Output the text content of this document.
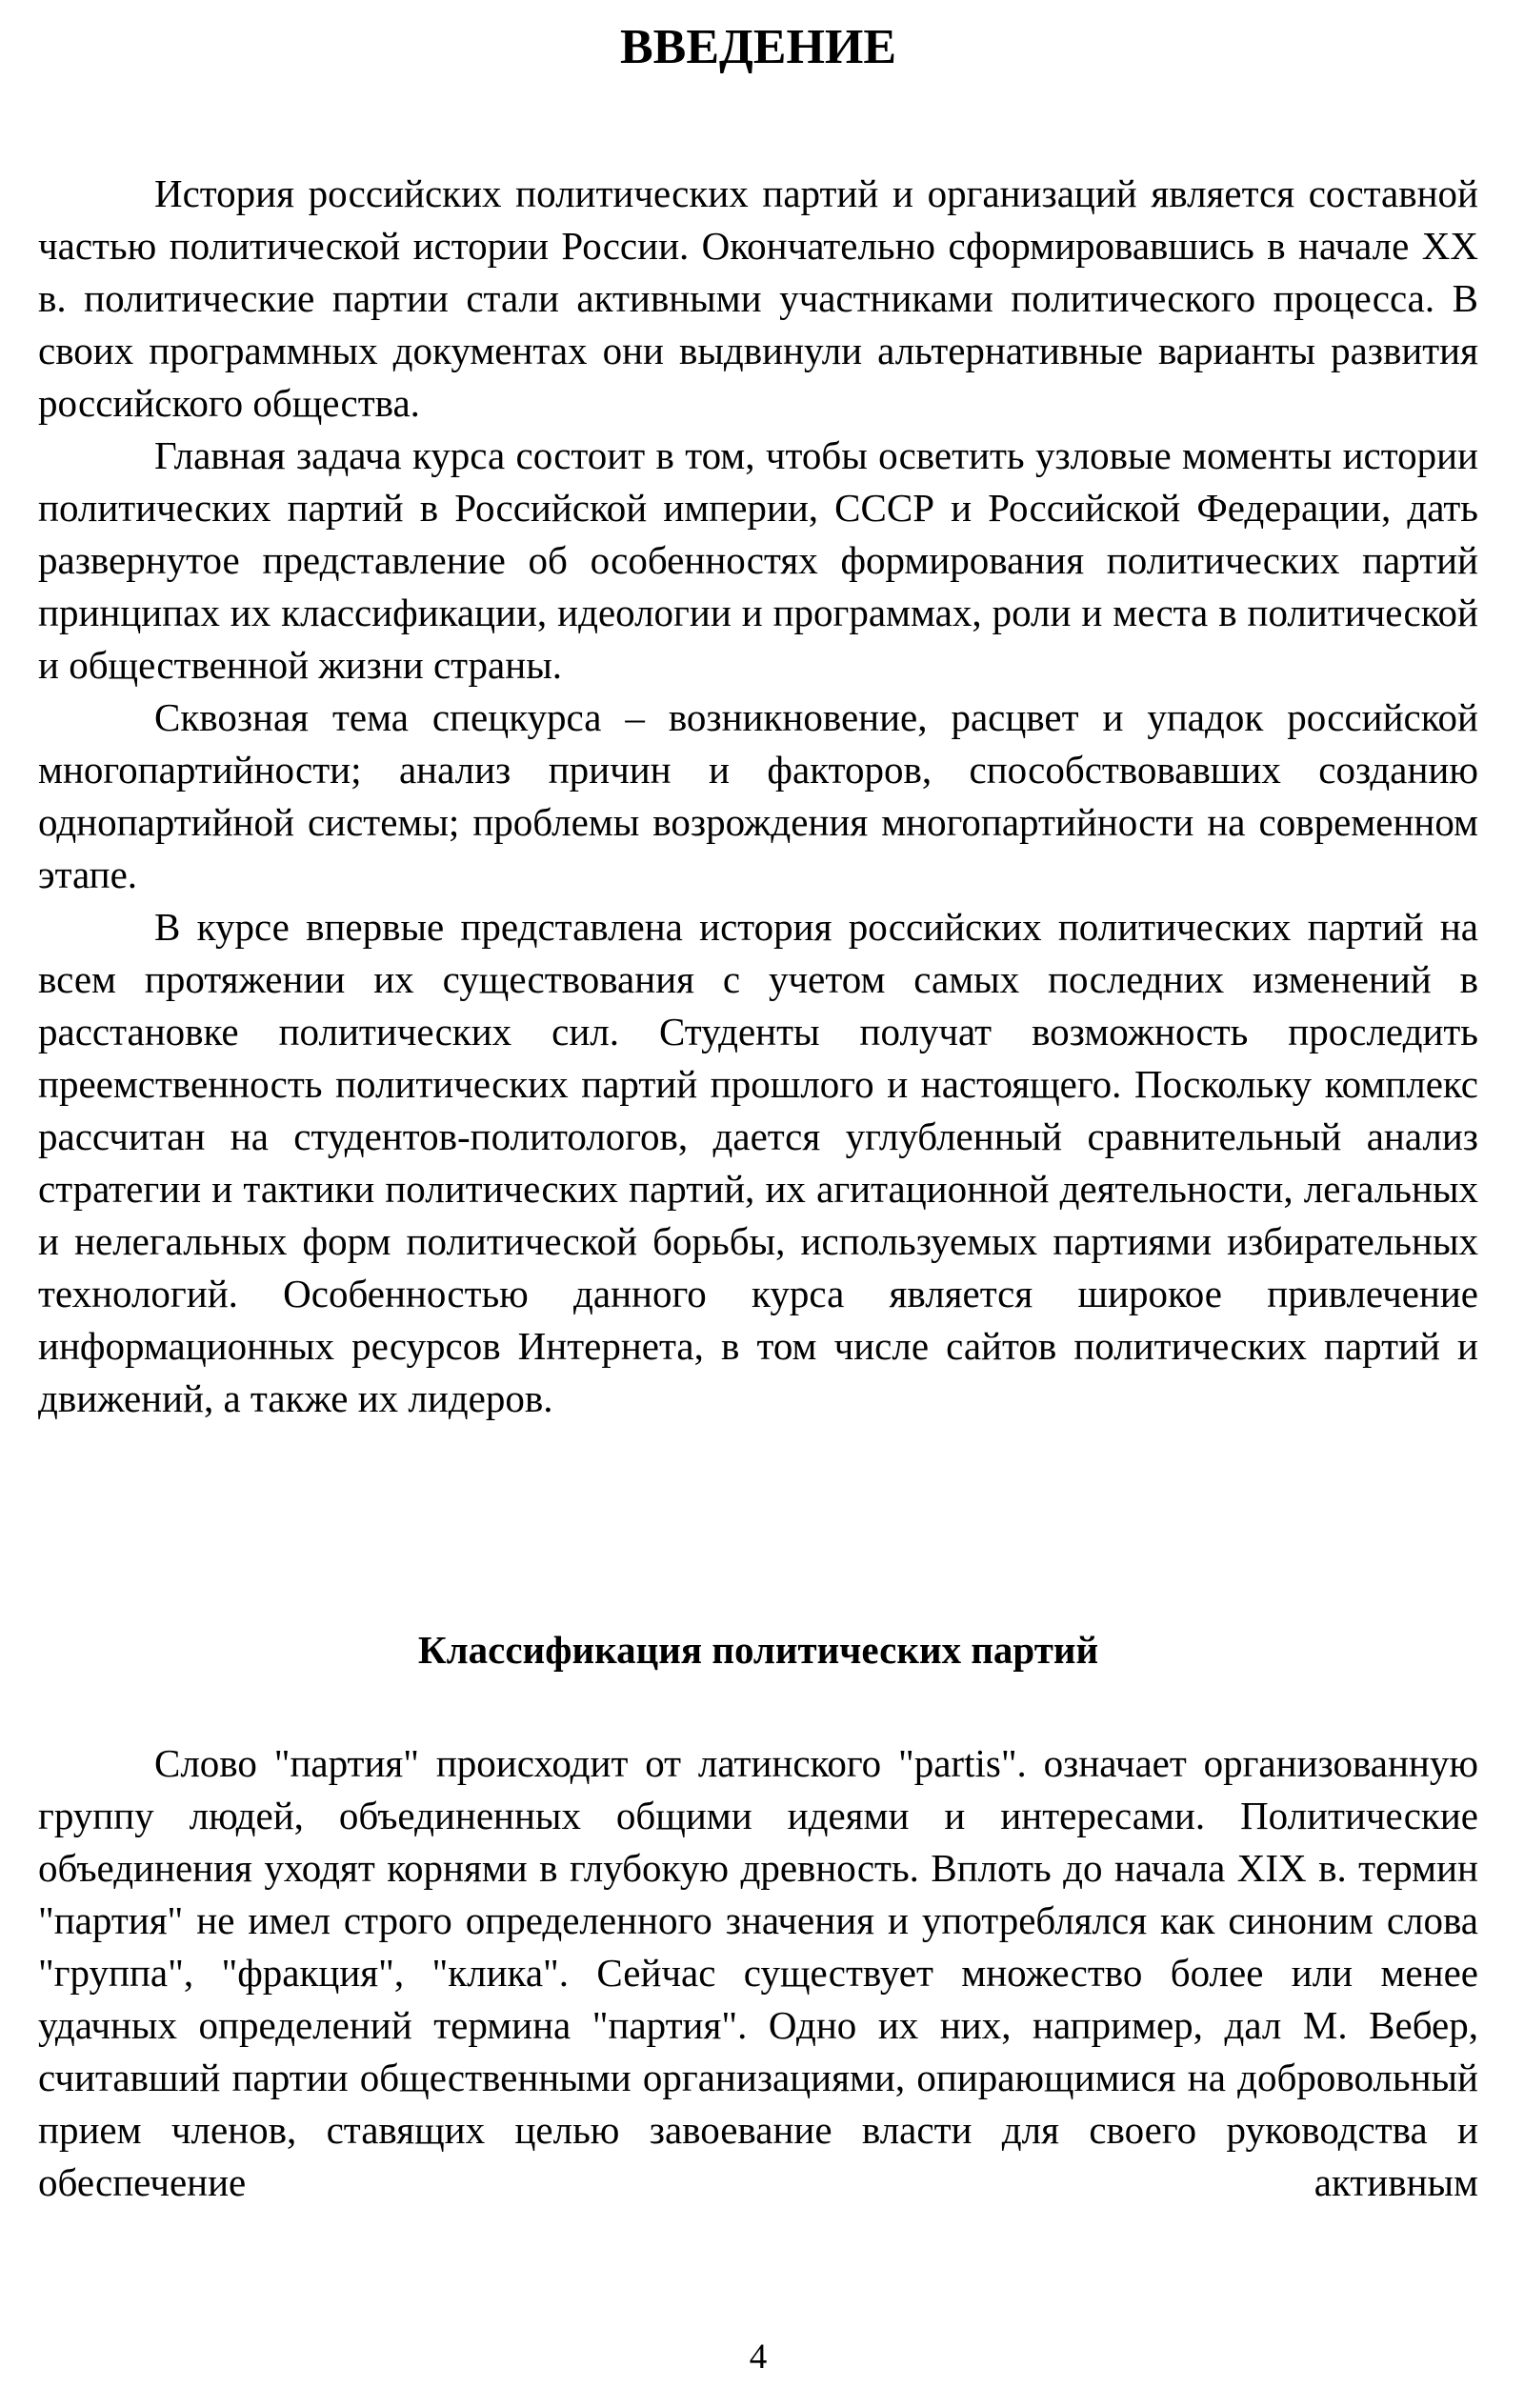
ВВЕДЕНИЕ

История российских политических партий и организаций является составной частью политической истории России. Окончательно сформировавшись в начале XX в. политические партии стали активными участниками политического процесса. В своих программных документах они выдвинули альтернативные варианты развития российского общества.

Главная задача курса состоит в том, чтобы осветить узловые моменты истории политических партий в Российской империи, СССР и Российской Федерации, дать развернутое представление об особенностях формирования политических партий принципах их классификации, идеологии и программах, роли и места в политической и общественной жизни страны.

Сквозная тема спецкурса – возникновение, расцвет и упадок российской многопартийности; анализ причин и факторов, способствовавших созданию однопартийной системы; проблемы возрождения многопартийности на современном этапе.

В курсе впервые представлена история российских политических партий на всем протяжении их существования с учетом самых последних изменений в расстановке политических сил. Студенты получат возможность проследить преемственность политических партий прошлого и настоящего. Поскольку комплекс рассчитан на студентов-политологов, дается углубленный сравнительный анализ стратегии и тактики политических партий, их агитационной деятельности, легальных и нелегальных форм политической борьбы, используемых партиями избирательных технологий. Особенностью данного курса является широкое привлечение информационных ресурсов Интернета, в том числе сайтов политических партий и движений, а также их лидеров.

Классификация политических партий

Слово "партия" происходит от латинского "partis". означает организованную группу людей, объединенных общими идеями и интересами. Политические объединения уходят корнями в глубокую древность. Вплоть до начала XIX в. термин "партия" не имел строго определенного значения и употреблялся как синоним слова "группа", "фракция", "клика". Сейчас существует множество более или менее удачных определений термина "партия". Одно их них, например, дал М. Вебер, считавший партии общественными организациями, опирающимися на добровольный прием членов, ставящих целью завоевание власти для своего руководства и обеспечение активным

4
